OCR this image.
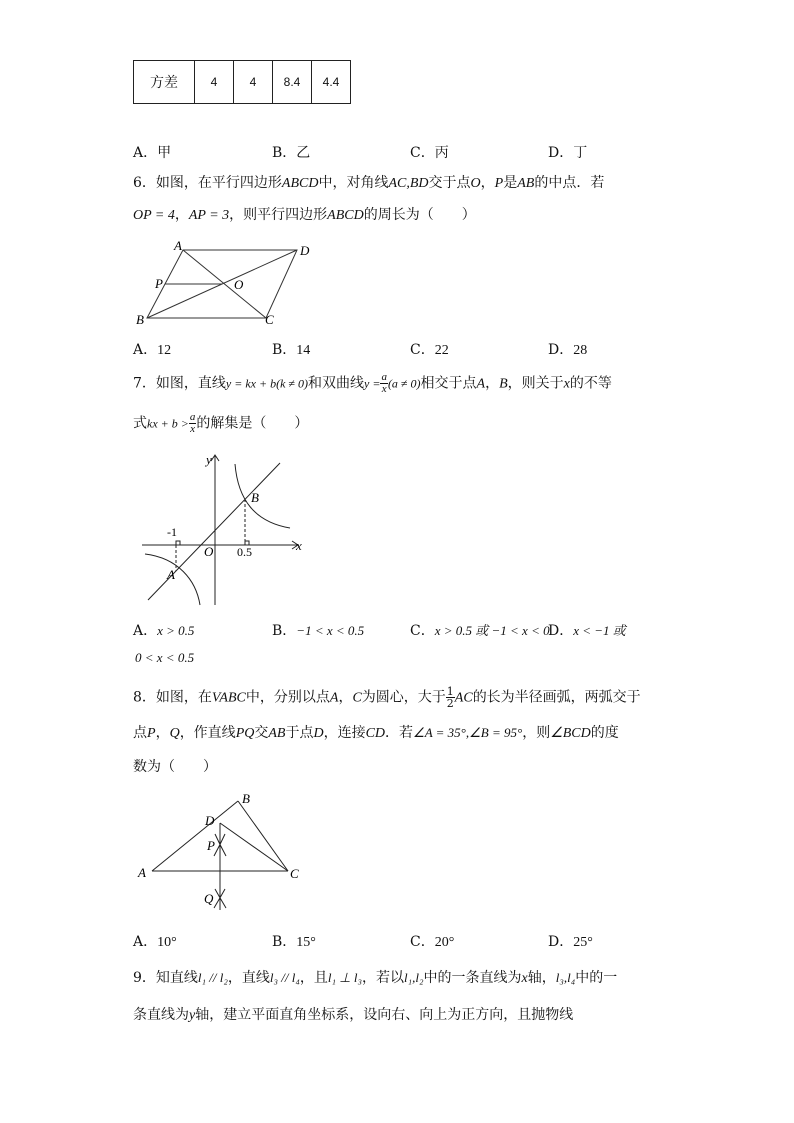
方差	4	4	8.4	4.4
A．甲	B．乙	C．丙	D．丁
6．如图，在平行四边形ABCD中，对角线AC,BD交于点O，P是AB的中点．若
OP = 4，AP = 3，则平行四边形ABCD的周长为（　　）
A	D
P	O
B	C
A．12	B．14	C．22	D．28
7．如图，直线y = kx + b(k ≠ 0)和双曲线$y = \frac{a}{x} (a \ne 0)$相交于点A，B，则关于x的不等
式kx + $b > \frac{a}{x}$ 的解集是（　　）
y
x
O
-1
0.5
A
B
A．x > 0.5	B．−1 < x < 0.5	C．x > 0.5 或 −1 < x < 0
D．x < −1 或
0 < x < 0.5
8．如图，在VABC中，分别以点A，C为圆心，大于 $\frac{1}{2}$ AC的长为半径画弧，两弧交于
点P，Q，作直线PQ交AB于点D，连接CD．若∠A = 35°,∠B = 95°，则∠BCD的度
数为（　　）
A
B
C
D
P
Q
A．10°	B．15°	C．20°	D．25°
9．知直线l₁ // l₂，直线l₃ // l₄，且l₁ ⊥ l₃，若以l₁,l₂中的一条直线为x轴，l₃,l₄中的一
条直线为y轴，建立平面直角坐标系，设向右、向上为正方向，且抛物线
